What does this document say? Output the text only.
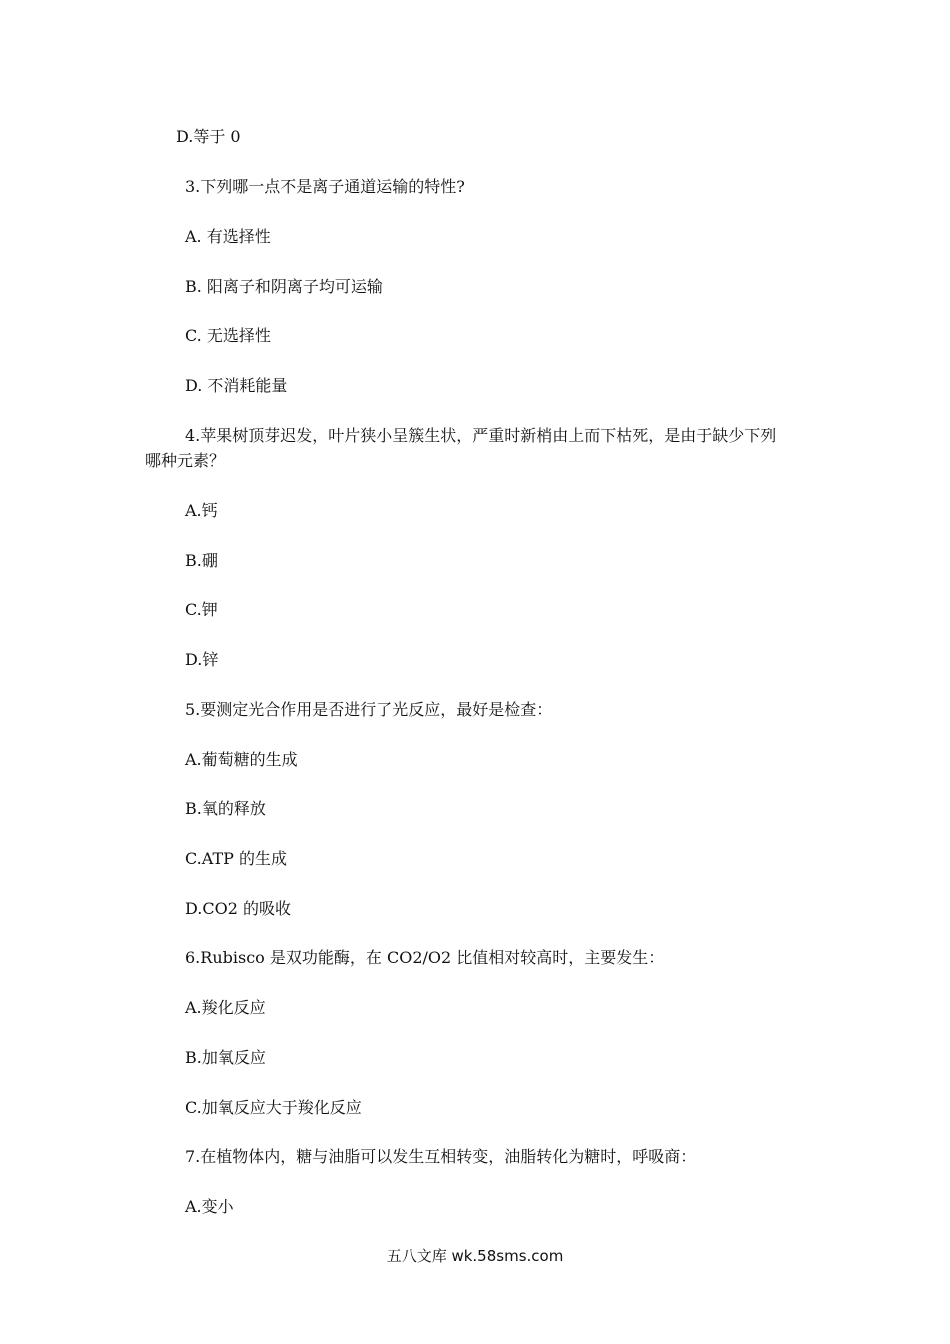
D.等于 0
3.下列哪一点不是离子通道运输的特性?
A. 有选择性
B. 阳离子和阴离子均可运输
C. 无选择性
D. 不消耗能量
4.苹果树顶芽迟发，叶片狭小呈簇生状，严重时新梢由上而下枯死，是由于缺少下列
哪种元素？
A.钙
B.硼
C.钾
D.锌
5.要测定光合作用是否进行了光反应，最好是检查：
A.葡萄糖的生成
B.氧的释放
C.ATP 的生成
D.CO2 的吸收
6.Rubisco 是双功能酶，在 CO2/O2 比值相对较高时，主要发生：
A.羧化反应
B.加氧反应
C.加氧反应大于羧化反应
7.在植物体内，糖与油脂可以发生互相转变，油脂转化为糖时，呼吸商：
A.变小
五八文库 wk.58sms.com
